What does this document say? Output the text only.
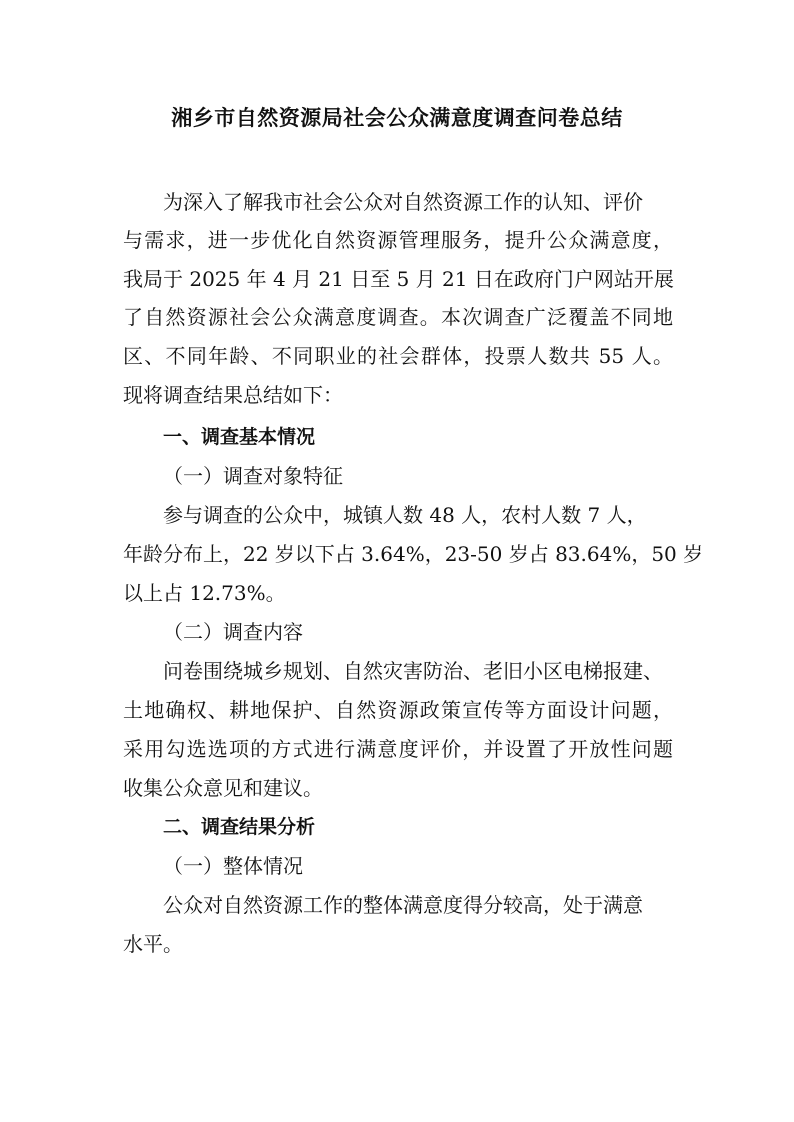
湘乡市自然资源局社会公众满意度调查问卷总结

为深入了解我市社会公众对自然资源工作的认知、评价

与需求，进一步优化自然资源管理服务，提升公众满意度，

我局于 2025 年 4 月 21 日至 5 月 21 日在政府门户网站开展

了自然资源社会公众满意度调查。本次调查广泛覆盖不同地

区、不同年龄、不同职业的社会群体，投票人数共 55 人。

现将调查结果总结如下：

一、调查基本情况

（一）调查对象特征

参与调查的公众中，城镇人数 48 人，农村人数 7 人，

年龄分布上，22 岁以下占 3.64%，23-50 岁占 83.64%，50 岁

以上占 12.73%。

（二）调查内容

问卷围绕城乡规划、自然灾害防治、老旧小区电梯报建、

土地确权、耕地保护、自然资源政策宣传等方面设计问题，

采用勾选选项的方式进行满意度评价，并设置了开放性问题

收集公众意见和建议。

二、调查结果分析

（一）整体情况

公众对自然资源工作的整体满意度得分较高，处于满意

水平。
